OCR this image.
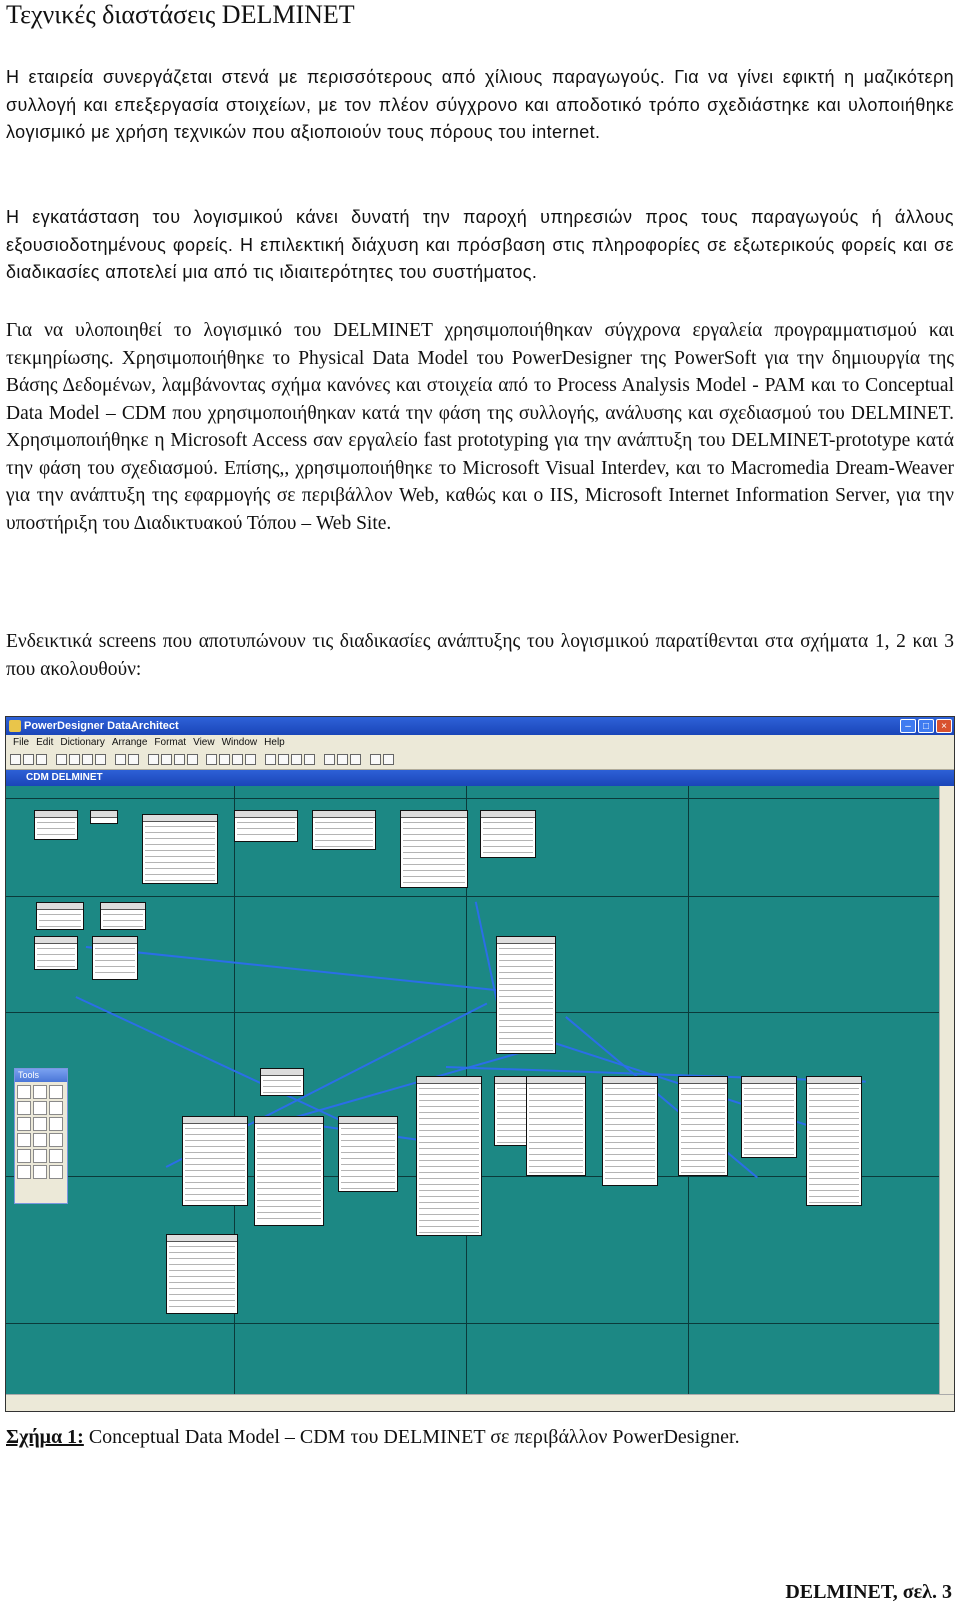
Τεχνικές διαστάσεις DELMINET

Η εταιρεία συνεργάζεται στενά με περισσότερους από χίλιους παραγωγούς. Για να γίνει εφικτή η μαζικότερη συλλογή και επεξεργασία στοιχείων, με τον πλέον σύγχρονο και αποδοτικό τρόπο σχεδιάστηκε και υλοποιήθηκε λογισμικό με χρήση τεχνικών που αξιοποιούν τους πόρους του internet.

Η εγκατάσταση του λογισμικού κάνει δυνατή την παροχή υπηρεσιών προς τους παραγωγούς ή άλλους εξουσιοδοτημένους φορείς. Η επιλεκτική διάχυση και πρόσβαση στις πληροφορίες σε εξωτερικούς φορείς και σε διαδικασίες αποτελεί μια από τις ιδιαιτερότητες του συστήματος.

Για να υλοποιηθεί το λογισμικό του DELMINET χρησιμοποιήθηκαν σύγχρονα εργαλεία προγραμματισμού και τεκμηρίωσης. Χρησιμοποιήθηκε το Physical Data Model του PowerDesigner της PowerSoft για την δημιουργία της Βάσης Δεδομένων, λαμβάνοντας σχήμα κανόνες και στοιχεία από το Process Analysis Model - PAM και το Conceptual Data Model – CDM που χρησιμοποιήθηκαν κατά την φάση της συλλογής, ανάλυσης και σχεδιασμού του DELMINET. Χρησιμοποιήθηκε η Microsoft Access σαν εργαλείο fast prototyping για την ανάπτυξη του DELMINET-prototype κατά την φάση του σχεδιασμού. Επίσης,, χρησιμοποιήθηκε το Microsoft Visual Interdev, και το Macromedia Dream-Weaver για την ανάπτυξη της εφαρμογής σε περιβάλλον Web, καθώς και ο IIS, Microsoft Internet Information Server, για την υποστήριξη του Διαδικτυακού Τόπου – Web Site.

Ενδεικτικά screens που αποτυπώνουν τις διαδικασίες ανάπτυξης του λογισμικού παρατίθενται στα σχήματα 1, 2 και 3 που ακολουθούν:

PowerDesigner DataArchitect	–	□	×
File Edit Dictionary Arrange Format View Window Help
CDM DELMINET
Tools

Σχήμα 1: Conceptual Data Model – CDM του DELMINET σε περιβάλλον PowerDesigner.

DELMINET, σελ. 3
